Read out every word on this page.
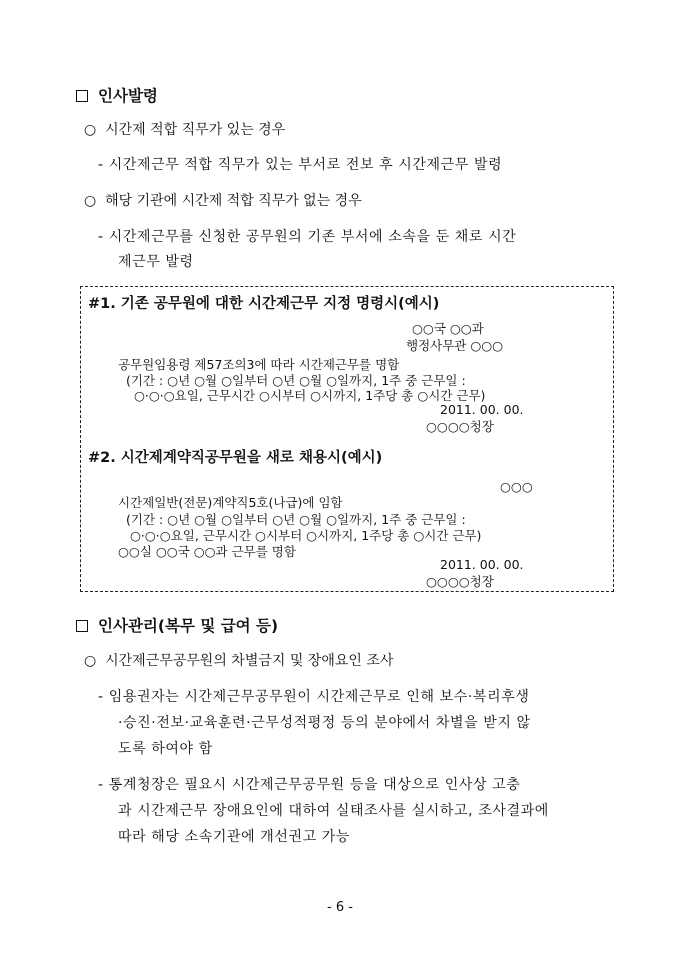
인사발령
○ 시간제 적합 직무가 있는 경우
- 시간제근무 적합 직무가 있는 부서로 전보 후 시간제근무 발령
○ 해당 기관에 시간제 적합 직무가 없는 경우
- 시간제근무를 신청한 공무원의 기존 부서에 소속을 둔 채로 시간
제근무 발령
#1. 기존 공무원에 대한 시간제근무 지정 명령시(예시)
○○국 ○○과
행정사무관 ○○○
공무원임용령 제57조의3에 따라 시간제근무를 명함
(기간 : ○년 ○월 ○일부터 ○년 ○월 ○일까지, 1주 중 근무일 :
○·○·○요일, 근무시간 ○시부터 ○시까지, 1주당 총 ○시간 근무)
2011. 00. 00.
○○○○청장
#2. 시간제계약직공무원을 새로 채용시(예시)
○○○
시간제일반(전문)계약직5호(나급)에 임함
(기간 : ○년 ○월 ○일부터 ○년 ○월 ○일까지, 1주 중 근무일 :
○·○·○요일, 근무시간 ○시부터 ○시까지, 1주당 총 ○시간 근무)
○○실 ○○국 ○○과 근무를 명함
2011. 00. 00.
○○○○청장
인사관리(복무 및 급여 등)
○ 시간제근무공무원의 차별금지 및 장애요인 조사
- 임용권자는 시간제근무공무원이 시간제근무로 인해 보수·복리후생
·승진·전보·교육훈련·근무성적평정 등의 분야에서 차별을 받지 않
도록 하여야 함
- 통계청장은 필요시 시간제근무공무원 등을 대상으로 인사상 고충
과 시간제근무 장애요인에 대하여 실태조사를 실시하고, 조사결과에
따라 해당 소속기관에 개선권고 가능
- 6 -
